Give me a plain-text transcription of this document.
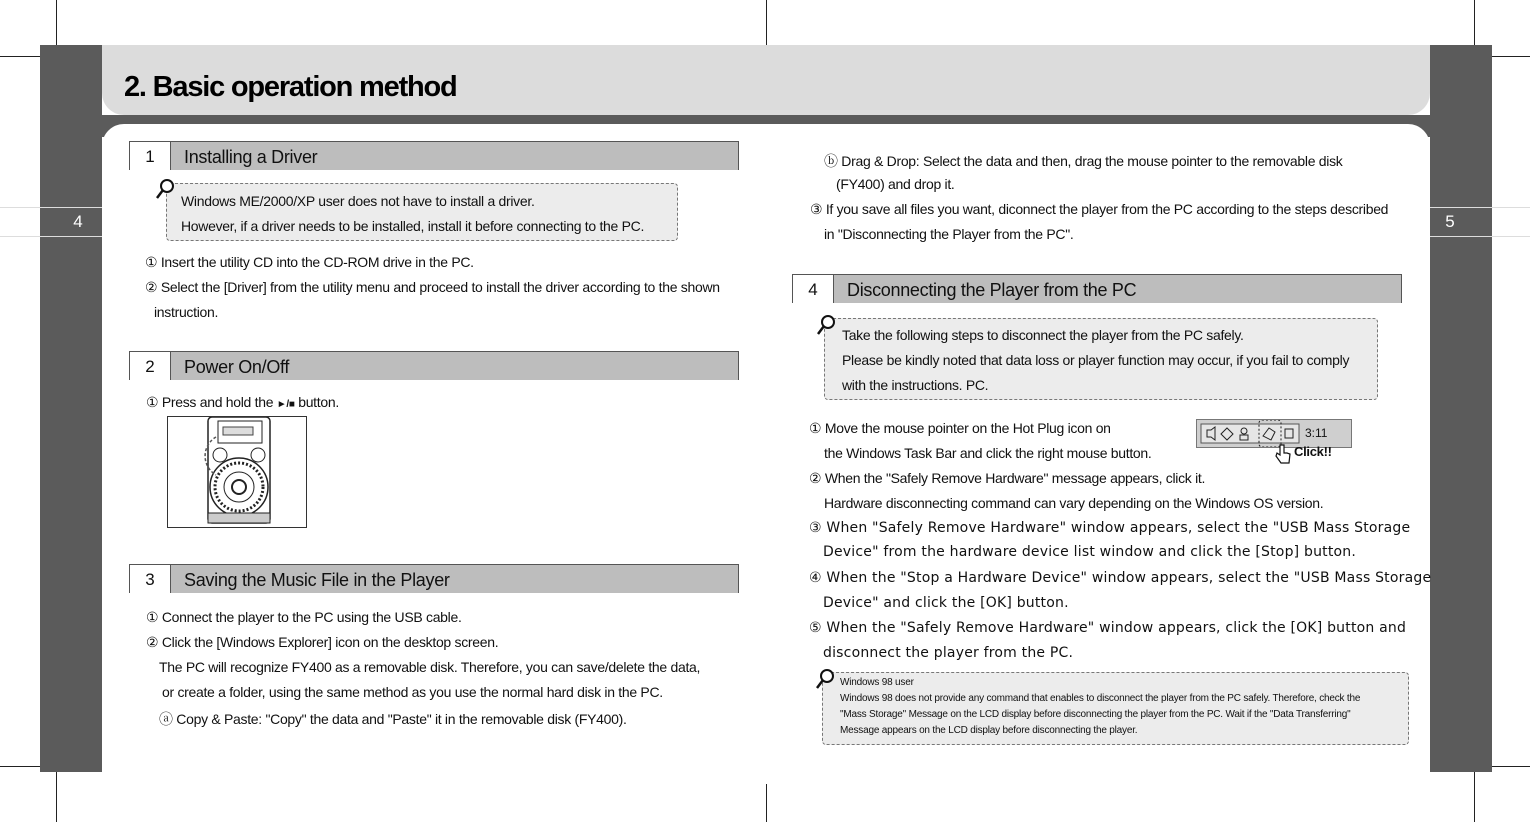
4	5
2. Basic operation method
1	Installing a Driver
Windows ME/2000/XP user does not have to install a driver.
However, if a driver needs to be installed, install it before connecting to the PC.
① Insert the utility CD into the CD-ROM drive in the PC.
② Select the [Driver] from the utility menu and proceed to install the driver according to the shown
instruction.
2	Power On/Off
① Press and hold the ►/■ button.
3	Saving the Music File in the Player
① Connect the player to the PC using the USB cable.
② Click the [Windows Explorer] icon on the desktop screen.
The PC will recognize FY400 as a removable disk. Therefore, you can save/delete the data,
or create a folder, using the same method as you use the normal hard disk in the PC.
ⓐ Copy & Paste: "Copy" the data and "Paste" it in the removable disk (FY400).
ⓑ Drag & Drop: Select the data and then, drag the mouse pointer to the removable disk
(FY400) and drop it.
③ If you save all files you want, diconnect the player from the PC according to the steps described
in "Disconnecting the Player from the PC".
4	Disconnecting the Player from the PC
Take the following steps to disconnect the player from the PC safely.
Please be kindly noted that data loss or player function may occur, if you fail to comply
with the instructions. PC.
① Move the mouse pointer on the Hot Plug icon on
the Windows Task Bar and click the right mouse button.
② When the "Safely Remove Hardware" message appears, click it.
Hardware disconnecting command can vary depending on the Windows OS version.
3:11
Click!!
③ When "Safely Remove Hardware" window appears, select the "USB Mass Storage
Device" from the hardware device list window and click the [Stop] button.
④ When the "Stop a Hardware Device" window appears, select the "USB Mass Storage
Device" and click the [OK] button.
⑤ When the "Safely Remove Hardware" window appears, click the [OK] button and
disconnect the player from the PC.
Windows 98 user
Windows 98 does not provide any command that enables to disconnect the player from the PC safely. Therefore, check the
"Mass Storage" Message on the LCD display before disconnecting the player from the PC. Wait if the "Data Transferring"
Message appears on the LCD display before disconnecting the player.
